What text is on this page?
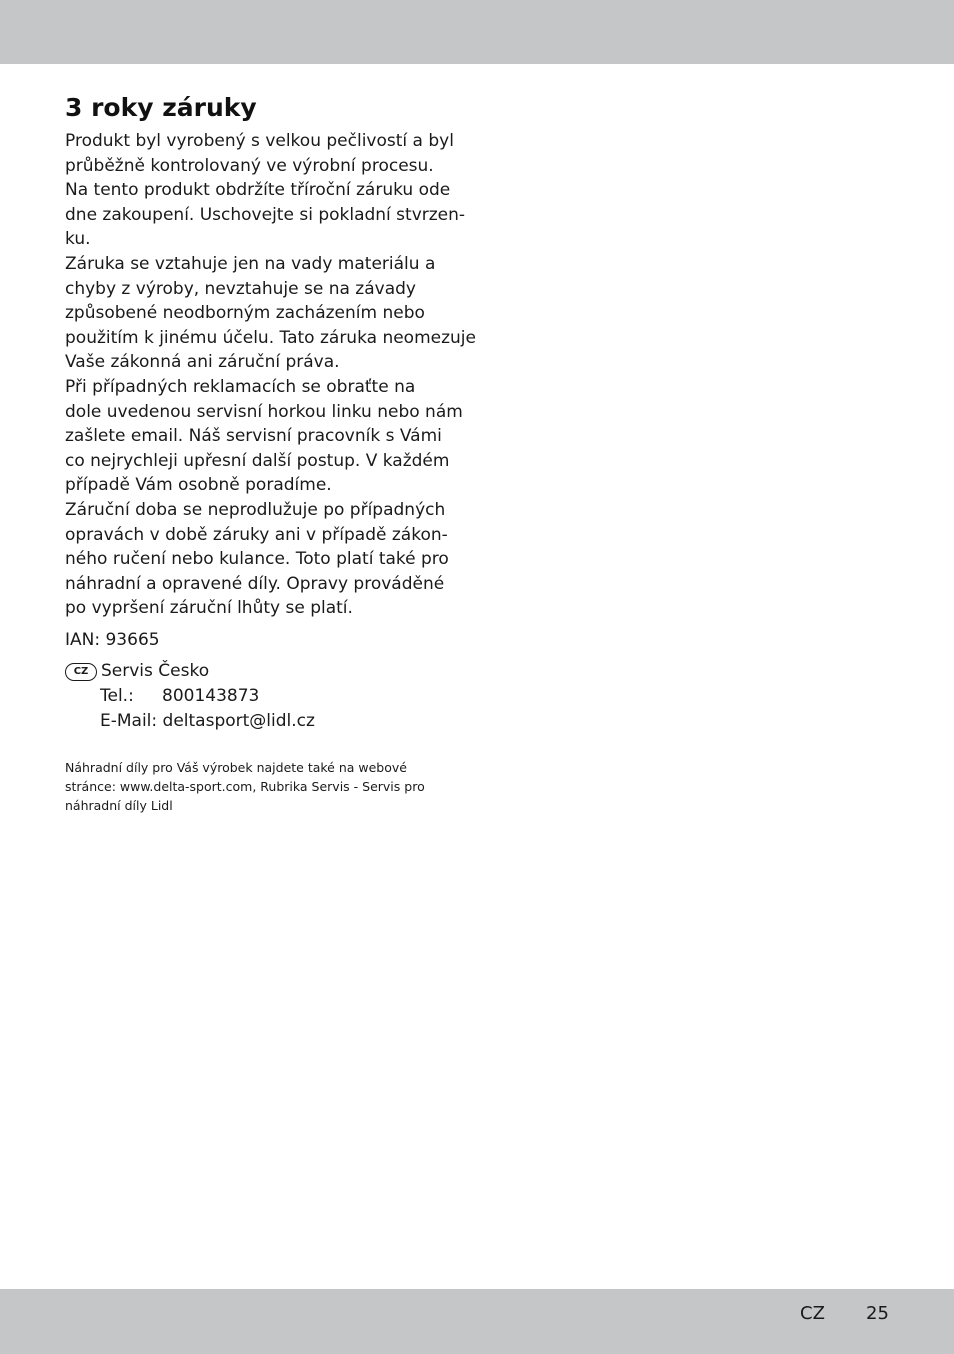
3 roky záruky

Produkt byl vyrobený s velkou pečlivostí a byl

průběžně kontrolovaný ve výrobní procesu.

Na tento produkt obdržíte tříroční záruku ode

dne zakoupení. Uschovejte si pokladní stvrzen-

ku.

Záruka se vztahuje jen na vady materiálu a

chyby z výroby, nevztahuje se na závady

způsobené neodborným zacházením nebo

použitím k jinému účelu. Tato záruka neomezuje

Vaše zákonná ani záruční práva.

Při případných reklamacích se obraťte na

dole uvedenou servisní horkou linku nebo nám

zašlete email. Náš servisní pracovník s Vámi

co nejrychleji upřesní další postup. V každém

případě Vám osobně poradíme.

Záruční doba se neprodlužuje po případných

opravách v době záruky ani v případě zákon-

ného ručení nebo kulance. Toto platí také pro

náhradní a opravené díly. Opravy prováděné

po vypršení záruční lhůty se platí.

IAN: 93665

CZ Servis Česko
Tel.:	800143873
E-Mail:
deltasport@lidl.cz
Náhradní díly pro Váš výrobek najdete také na webové
stránce: www.delta-sport.com, Rubrika Servis - Servis pro
náhradní díly Lidl
CZ 25
